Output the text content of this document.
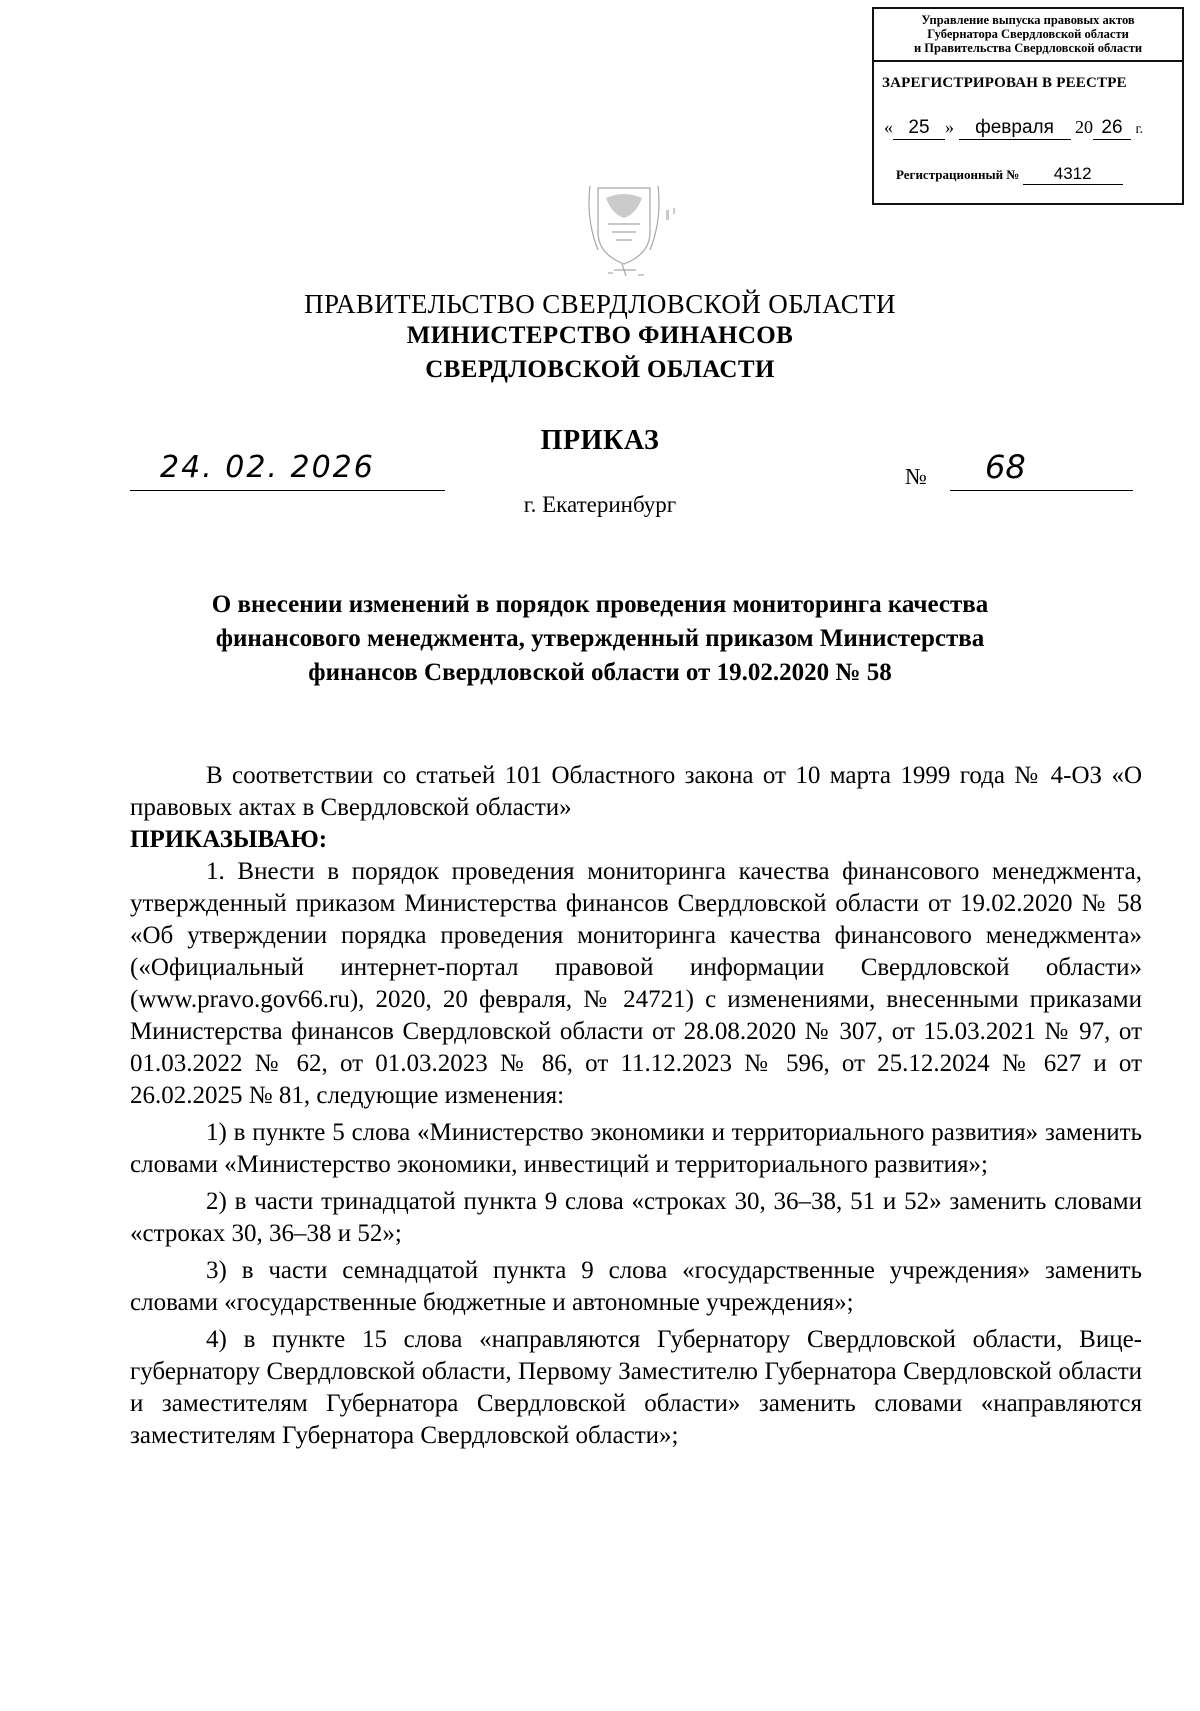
Управление выпуска правовых актов
Губернатора Свердловской области
и Правительства Свердловской области
ЗАРЕГИСТРИРОВАН В РЕЕСТРЕ
« 25 » февраля 20 26 г.
Регистрационный № 4312
ПРАВИТЕЛЬСТВО СВЕРДЛОВСКОЙ ОБЛАСТИ
МИНИСТЕРСТВО ФИНАНСОВ
СВЕРДЛОВСКОЙ ОБЛАСТИ
ПРИКАЗ
24. 02. 2026	№ 68
г. Екатеринбург
О внесении изменений в порядок проведения мониторинга качества
финансового менеджмента, утвержденный приказом Министерства
финансов Свердловской области от 19.02.2020 № 58

В соответствии со статьей 101 Областного закона от 10 марта 1999 года № 4-ОЗ «О правовых актах в Свердловской области»

ПРИКАЗЫВАЮ:

1. Внести в порядок проведения мониторинга качества финансового менеджмента, утвержденный приказом Министерства финансов Свердловской области от 19.02.2020 № 58 «Об утверждении порядка проведения мониторинга качества финансового менеджмента» («Официальный интернет-портал правовой информации Свердловской области» (www.pravo.gov66.ru), 2020, 20 февраля, № 24721) с изменениями, внесенными приказами Министерства финансов Свердловской области от 28.08.2020 № 307, от 15.03.2021 № 97, от 01.03.2022 № 62, от 01.03.2023 № 86, от 11.12.2023 № 596, от 25.12.2024 № 627 и от 26.02.2025 № 81, следующие изменения:

1) в пункте 5 слова «Министерство экономики и территориального развития» заменить словами «Министерство экономики, инвестиций и территориального развития»;

2) в части тринадцатой пункта 9 слова «строках 30, 36–38, 51 и 52» заменить словами «строках 30, 36–38 и 52»;

3) в части семнадцатой пункта 9 слова «государственные учреждения» заменить словами «государственные бюджетные и автономные учреждения»;

4) в пункте 15 слова «направляются Губернатору Свердловской области, Вице-губернатору Свердловской области, Первому Заместителю Губернатора Свердловской области и заместителям Губернатора Свердловской области» заменить словами «направляются заместителям Губернатора Свердловской области»;
